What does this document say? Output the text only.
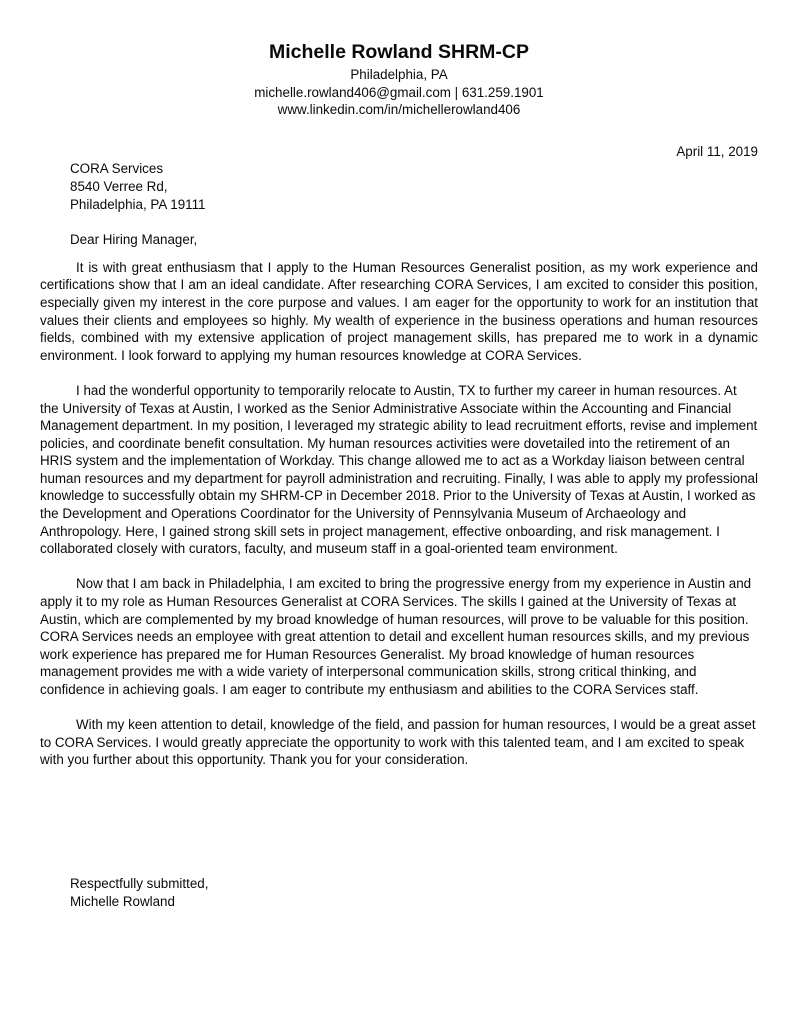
Michelle Rowland SHRM-CP
Philadelphia, PA
michelle.rowland406@gmail.com | 631.259.1901
www.linkedin.com/in/michellerowland406
April 11, 2019
CORA Services
8540 Verree Rd,
Philadelphia, PA 19111
Dear Hiring Manager,

It is with great enthusiasm that I apply to the Human Resources Generalist position, as my work experience and certifications show that I am an ideal candidate. After researching CORA Services, I am excited to consider this position, especially given my interest in the core purpose and values. I am eager for the opportunity to work for an institution that values their clients and employees so highly. My wealth of experience in the business operations and human resources fields, combined with my extensive application of project management skills, has prepared me to work in a dynamic environment. I look forward to applying my human resources knowledge at CORA Services.

I had the wonderful opportunity to temporarily relocate to Austin, TX to further my career in human resources. At the University of Texas at Austin, I worked as the Senior Administrative Associate within the Accounting and Financial Management department. In my position, I leveraged my strategic ability to lead recruitment efforts, revise and implement policies, and coordinate benefit consultation. My human resources activities were dovetailed into the retirement of an HRIS system and the implementation of Workday. This change allowed me to act as a Workday liaison between central human resources and my department for payroll administration and recruiting. Finally, I was able to apply my professional knowledge to successfully obtain my SHRM-CP in December 2018. Prior to the University of Texas at Austin, I worked as the Development and Operations Coordinator for the University of Pennsylvania Museum of Archaeology and Anthropology. Here, I gained strong skill sets in project management, effective onboarding, and risk management. I collaborated closely with curators, faculty, and museum staff in a goal-oriented team environment.

Now that I am back in Philadelphia, I am excited to bring the progressive energy from my experience in Austin and apply it to my role as Human Resources Generalist at CORA Services. The skills I gained at the University of Texas at Austin, which are complemented by my broad knowledge of human resources, will prove to be valuable for this position. CORA Services needs an employee with great attention to detail and excellent human resources skills, and my previous work experience has prepared me for Human Resources Generalist. My broad knowledge of human resources management provides me with a wide variety of interpersonal communication skills, strong critical thinking, and confidence in achieving goals. I am eager to contribute my enthusiasm and abilities to the CORA Services staff.

With my keen attention to detail, knowledge of the field, and passion for human resources, I would be a great asset to CORA Services. I would greatly appreciate the opportunity to work with this talented team, and I am excited to speak with you further about this opportunity. Thank you for your consideration.

Respectfully submitted,
Michelle Rowland
